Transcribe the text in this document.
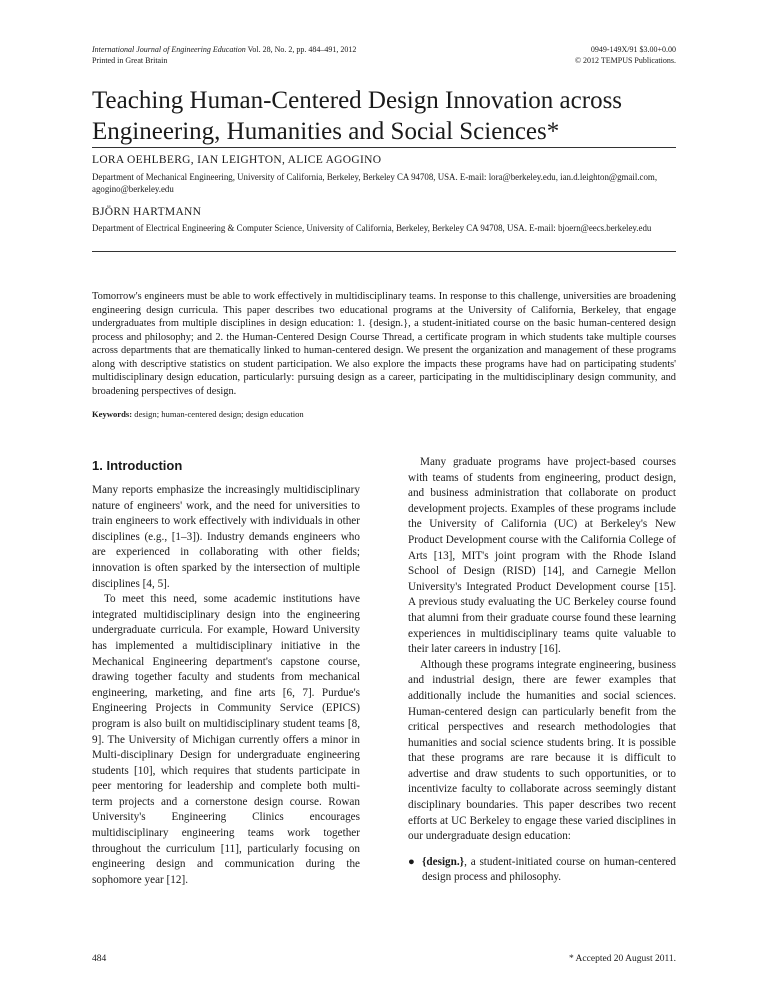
International Journal of Engineering Education Vol. 28, No. 2, pp. 484–491, 2012
Printed in Great Britain
0949-149X/91 $3.00+0.00
© 2012 TEMPUS Publications.
Teaching Human-Centered Design Innovation across Engineering, Humanities and Social Sciences*
LORA OEHLBERG, IAN LEIGHTON, ALICE AGOGINO
Department of Mechanical Engineering, University of California, Berkeley, Berkeley CA 94708, USA. E-mail: lora@berkeley.edu, ian.d.leighton@gmail.com, agogino@berkeley.edu
BJÖRN HARTMANN
Department of Electrical Engineering & Computer Science, University of California, Berkeley, Berkeley CA 94708, USA. E-mail: bjoern@eecs.berkeley.edu

Tomorrow's engineers must be able to work effectively in multidisciplinary teams. In response to this challenge, universities are broadening engineering design curricula. This paper describes two educational programs at the University of California, Berkeley, that engage undergraduates from multiple disciplines in design education: 1. {design.}, a student-initiated course on the basic human-centered design process and philosophy; and 2. the Human-Centered Design Course Thread, a certificate program in which students take multiple courses across departments that are thematically linked to human-centered design. We present the organization and management of these programs along with descriptive statistics on student participation. We also explore the impacts these programs have had on participating students' multidisciplinary design education, particularly: pursuing design as a career, participating in the multidisciplinary design community, and broadening perspectives of design.

Keywords: design; human-centered design; design education
1. Introduction

Many reports emphasize the increasingly multidisciplinary nature of engineers' work, and the need for universities to train engineers to work effectively with individuals in other disciplines (e.g., [1–3]). Industry demands engineers who are experienced in collaborating with other fields; innovation is often sparked by the intersection of multiple disciplines [4, 5].

To meet this need, some academic institutions have integrated multidisciplinary design into the engineering undergraduate curricula. For example, Howard University has implemented a multidisciplinary initiative in the Mechanical Engineering department's capstone course, drawing together faculty and students from mechanical engineering, marketing, and fine arts [6, 7]. Purdue's Engineering Projects in Community Service (EPICS) program is also built on multidisciplinary student teams [8, 9]. The University of Michigan currently offers a minor in Multi-disciplinary Design for undergraduate engineering students [10], which requires that students participate in peer mentoring for leadership and complete both multi-term projects and a cornerstone design course. Rowan University's Engineering Clinics encourages multidisciplinary engineering teams work together throughout the curriculum [11], particularly focusing on engineering design and communication during the sophomore year [12].

Many graduate programs have project-based courses with teams of students from engineering, product design, and business administration that collaborate on product development projects. Examples of these programs include the University of California (UC) at Berkeley's New Product Development course with the California College of Arts [13], MIT's joint program with the Rhode Island School of Design (RISD) [14], and Carnegie Mellon University's Integrated Product Development course [15]. A previous study evaluating the UC Berkeley course found that alumni from their graduate course found these learning experiences in multidisciplinary teams quite valuable to their later careers in industry [16].

Although these programs integrate engineering, business and industrial design, there are fewer examples that additionally include the humanities and social sciences. Human-centered design can particularly benefit from the critical perspectives and research methodologies that humanities and social science students bring. It is possible that these programs are rare because it is difficult to advertise and draw students to such opportunities, or to incentivize faculty to collaborate across seemingly distant disciplinary boundaries. This paper describes two recent efforts at UC Berkeley to engage these varied disciplines in our undergraduate design education:

● {design.}, a student-initiated course on human-centered design process and philosophy.

484	* Accepted 20 August 2011.
